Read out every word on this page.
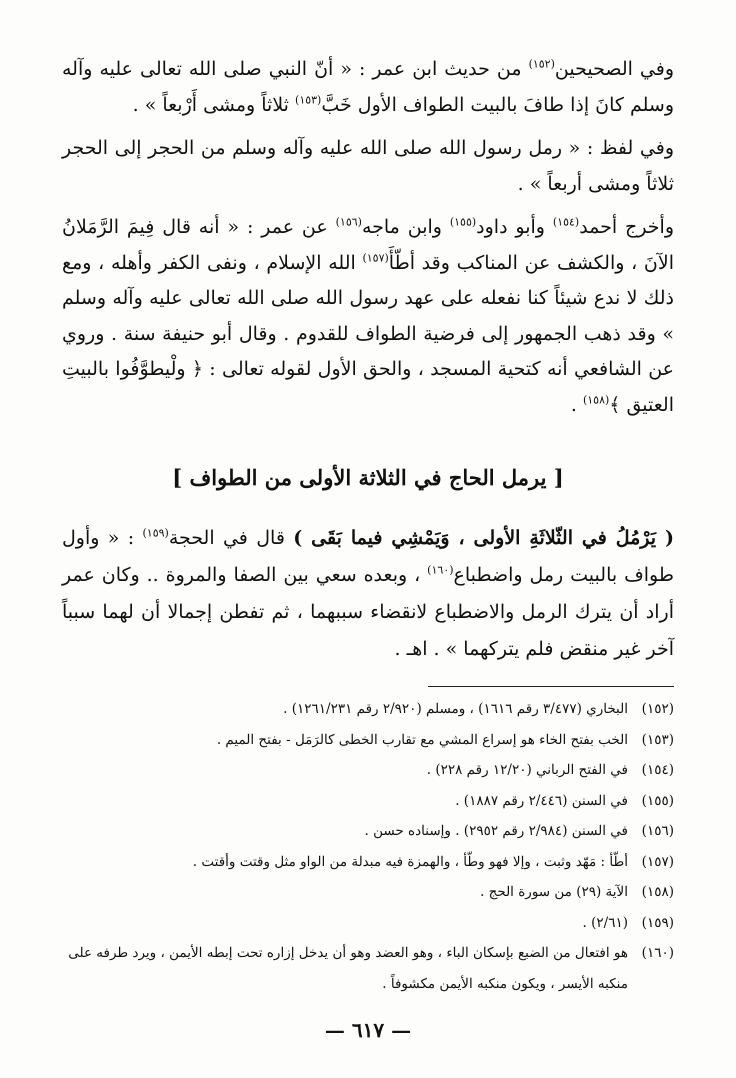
وفي الصحيحين$^{(١٥٢)}$ من حديث ابن عمر : « أنّ النبي صلى الله تعالى عليه وآله وسلم كانَ إذا طافَ بالبيت الطواف الأول خَبَّ$^{(١٥٣)}$ ثلاثاً ومشى أَرْبعاً » .

وفي لفظ : « رمل رسول الله صلى الله عليه وآله وسلم من الحجر إلى الحجر ثلاثاً ومشى أربعاً » .

وأخرج أحمد$^{(١٥٤)}$ وأبو داود$^{(١٥٥)}$ وابن ماجه$^{(١٥٦)}$ عن عمر : « أنه قال فِيمَ الرَّمَلانُ الآنَ ، والكشف عن المناكب وقد أطّأَ$^{(١٥٧)}$ الله الإسلام ، ونفى الكفر وأهله ، ومع ذلك لا ندع شيئاً كنا نفعله على عهد رسول الله صلى الله تعالى عليه وآله وسلم » وقد ذهب الجمهور إلى فرضية الطواف للقدوم . وقال أبو حنيفة سنة . وروي عن الشافعي أنه كتحية المسجد ، والحق الأول لقوله تعالى : ﴿ ولْيطوَّفُوا بالبيتِ العتيق ﴾$^{(١٥٨)}$ .

[ يرمل الحاج في الثلاثة الأولى من الطواف ]
( يَرْمُلُ في الثّلاثَةِ الأولى ، وَيَمْشِي فيما بَقَى ) قال في الحجة$^{(١٥٩)}$ : « وأول طواف بالبيت رمل واضطباع$^{(١٦٠)}$ ، وبعده سعي بين الصفا والمروة .. وكان عمر أراد أن يترك الرمل والاضطباع لانقضاء سببهما ، ثم تفطن إجمالا أن لهما سبباً آخر غير منقض فلم يتركهما » . اهـ .
(١٥٢)
البخاري (٣/٤٧٧ رقم ١٦١٦) ، ومسلم (٢/٩٢٠ رقم ١٢٦١/٢٣١) .
(١٥٣)
الخب بفتح الخاء هو إسراع المشي مع تقارب الخطى كالرَمَل - بفتح الميم .
(١٥٤)
في الفتح الرباني (١٢/٢٠ رقم ٢٢٨) .
(١٥٥)
في السنن (٢/٤٤٦ رقم ١٨٨٧) .
(١٥٦)
في السنن (٢/٩٨٤ رقم ٢٩٥٢) . وإسناده حسن .
(١٥٧)
أطّأ : مَهّد وثبت ، وإلا فهو وطّأ ، والهمزة فيه مبدلة من الواو مثل وقتت وأقتت .
(١٥٨)
الآية (٢٩) من سورة الحج .
(١٥٩)
(٢/٦١) .
(١٦٠)
هو افتعال من الضبع بإسكان الباء ، وهو العضد وهو أن يدخل إزاره تحت إبطه الأيمن ، ويرد طرفه على منكبه الأيسر ، ويكون منكبه الأيمن مكشوفاً .
— ٦١٧ —
